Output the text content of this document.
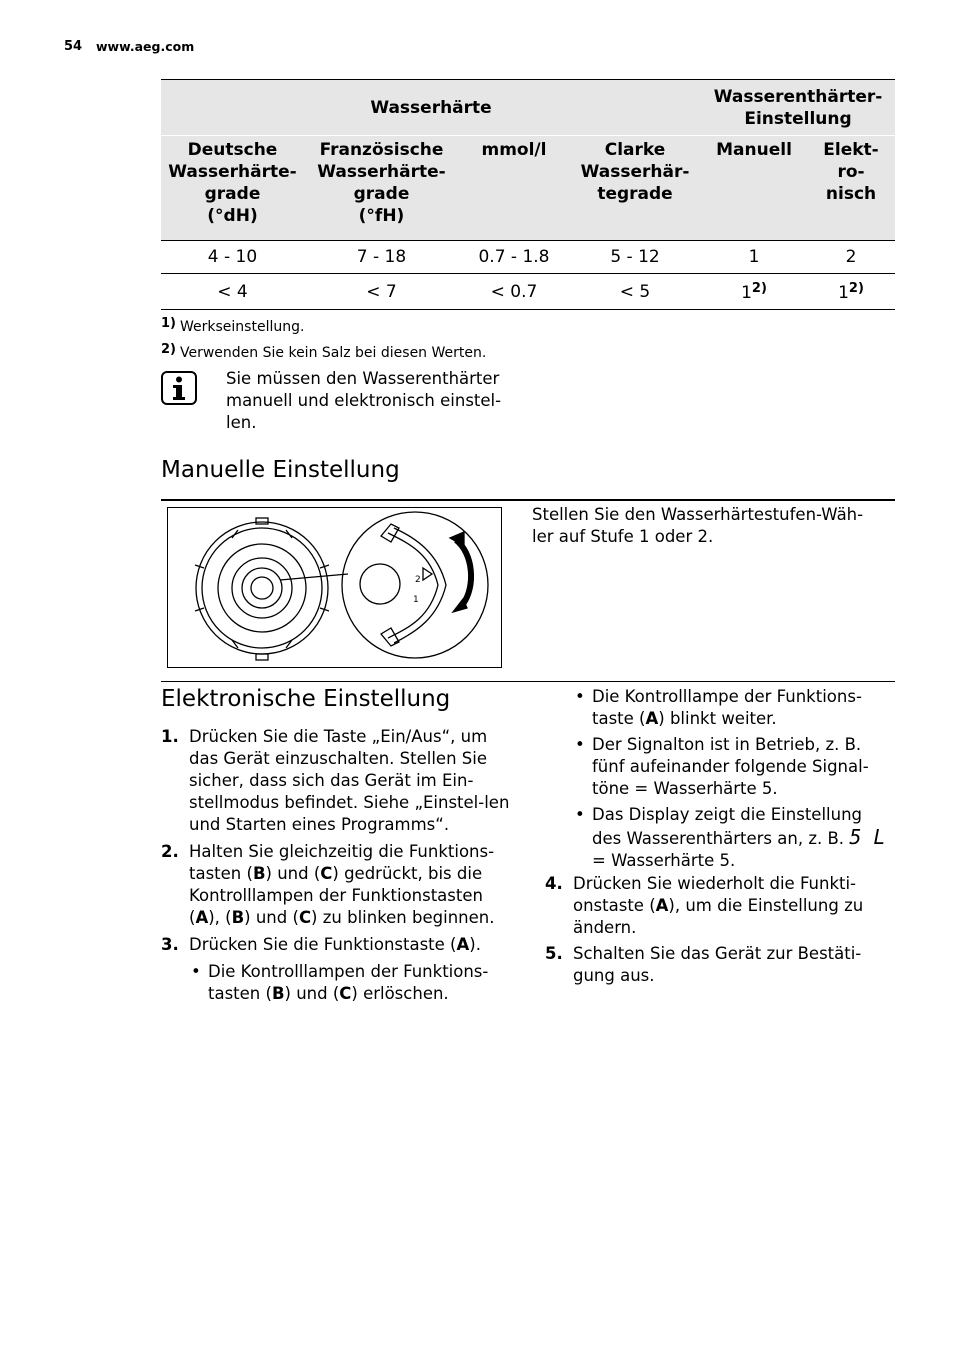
54 www.aeg.com
Wasserhärte				Wasserenthärter-
Einstellung	
Deutsche
Wasserhärte-
grade
(°dH)	Französische
Wasserhärte-
grade
(°fH)	mmol/l	Clarke
Wasserhär-
tegrade	Manuell	Elekt-
ro-
nisch
4 - 10	7 - 18	0.7 - 1.8	5 - 12	1	2
< 4	< 7	< 0.7	< 5	1$^{2)}$	1$^{2)}$
1) Werkseinstellung.
2) Verwenden Sie kein Salz bei diesen Werten.
Sie müssen den Wasserenthärter manuell und elektronisch einstel-len.
Manuelle Einstellung
2
1
Stellen Sie den Wasserhärtestufen-Wäh-ler auf Stufe 1 oder 2.
Elektronische Einstellung
1. Drücken Sie die Taste „Ein/Aus“, um das Gerät einzuschalten. Stellen Sie sicher, dass sich das Gerät im Ein-stellmodus befindet. Siehe „Einstel-len und Starten eines Programms“.
2. Halten Sie gleichzeitig die Funktions-tasten (B) und (C) gedrückt, bis die Kontrolllampen der Funktionstasten (A), (B) und (C) zu blinken beginnen.
3. Drücken Sie die Funktionstaste (A).
• Die Kontrolllampen der Funktions-tasten (B) und (C) erlöschen.
• Die Kontrolllampe der Funktions-taste (A) blinkt weiter.
• Der Signalton ist in Betrieb, z. B. fünf aufeinander folgende Signal-töne = Wasserhärte 5.
• Das Display zeigt die Einstellung des Wasserenthärters an, z. B. 5 L = Wasserhärte 5.
4. Drücken Sie wiederholt die Funkti-onstaste (A), um die Einstellung zu ändern.
5. Schalten Sie das Gerät zur Bestäti-gung aus.
